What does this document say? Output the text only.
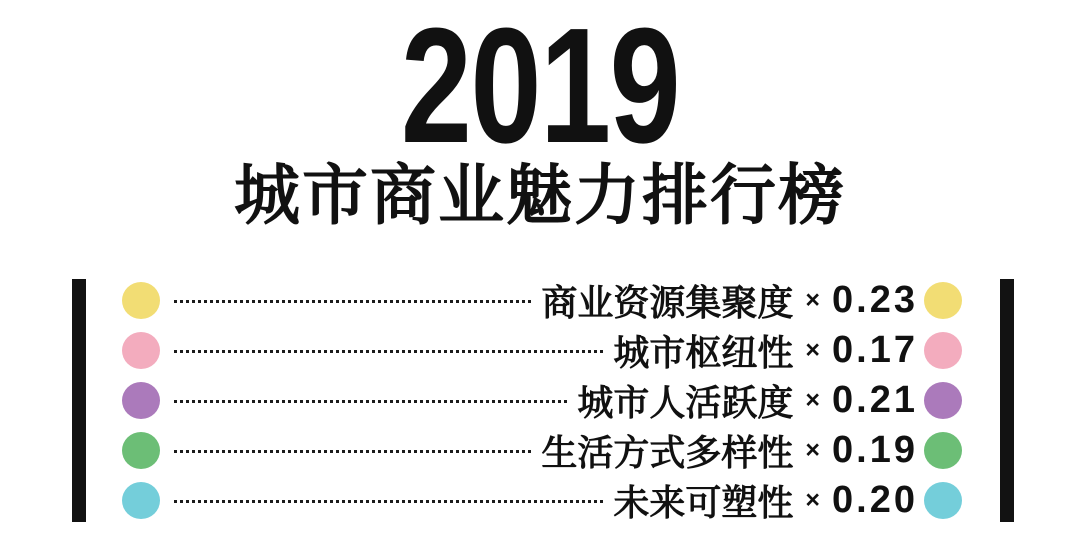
2019
城市商业魅力排行榜
商业资源集聚度 × 0.23
城市枢纽性 × 0.17
城市人活跃度 × 0.21
生活方式多样性 × 0.19
未来可塑性 × 0.20
